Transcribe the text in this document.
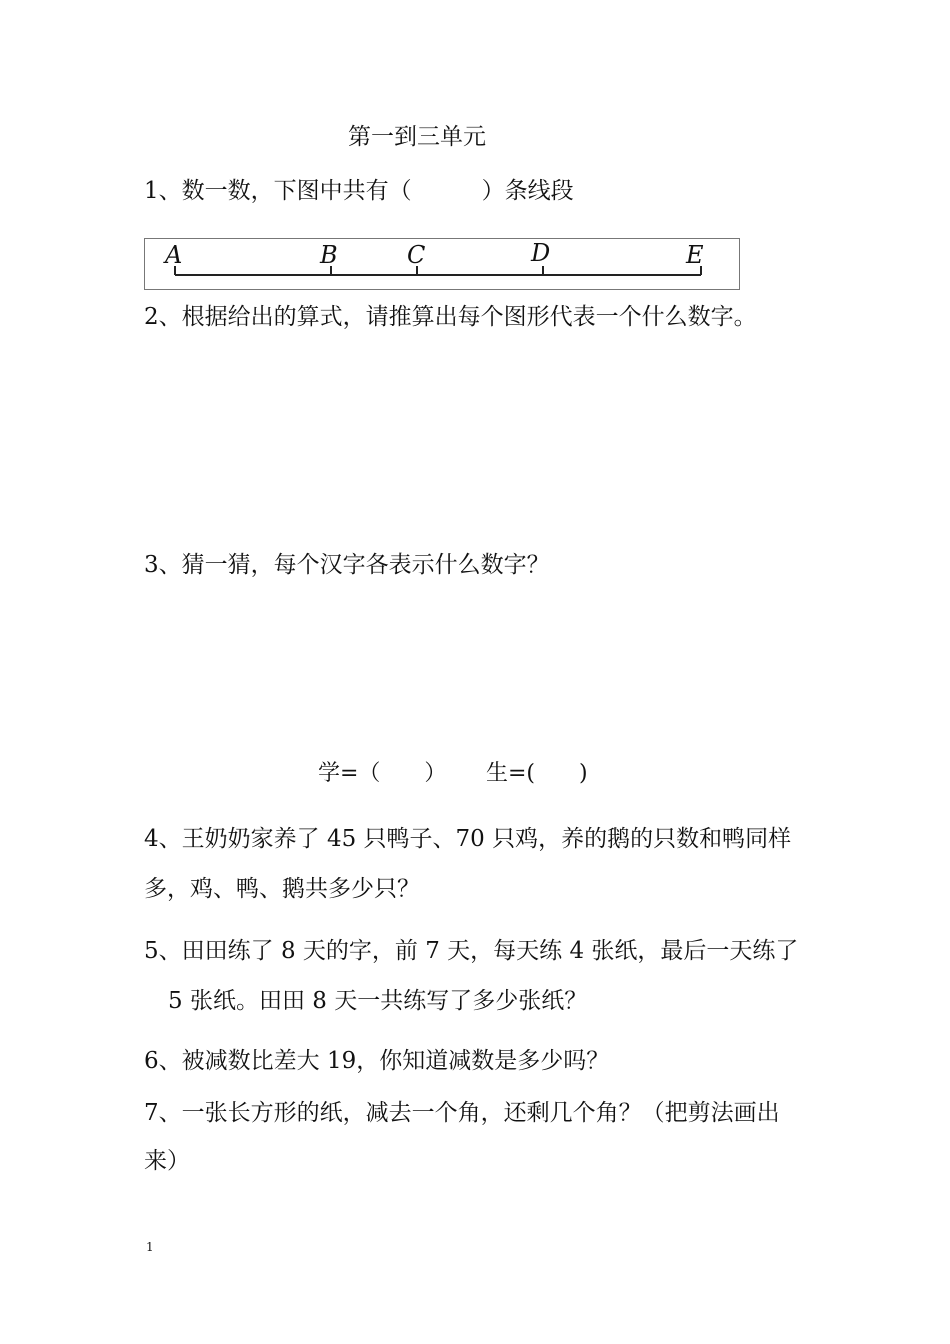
第一到三单元
1、数一数，下图中共有（	）条线段
A	B	C	D	E
2、根据给出的算式，请推算出每个图形代表一个什么数字。
3、猜一猜，每个汉字各表示什么数字？
学=（　　） 生=(　　)
4、王奶奶家养了 45 只鸭子、70 只鸡，养的鹅的只数和鸭同样
多，鸡、鸭、鹅共多少只？
5、田田练了 8 天的字，前 7 天，每天练 4 张纸，最后一天练了
5 张纸。田田 8 天一共练写了多少张纸？
6、被减数比差大 19，你知道减数是多少吗？
7、一张长方形的纸，减去一个角，还剩几个角？（把剪法画出
来）
1
